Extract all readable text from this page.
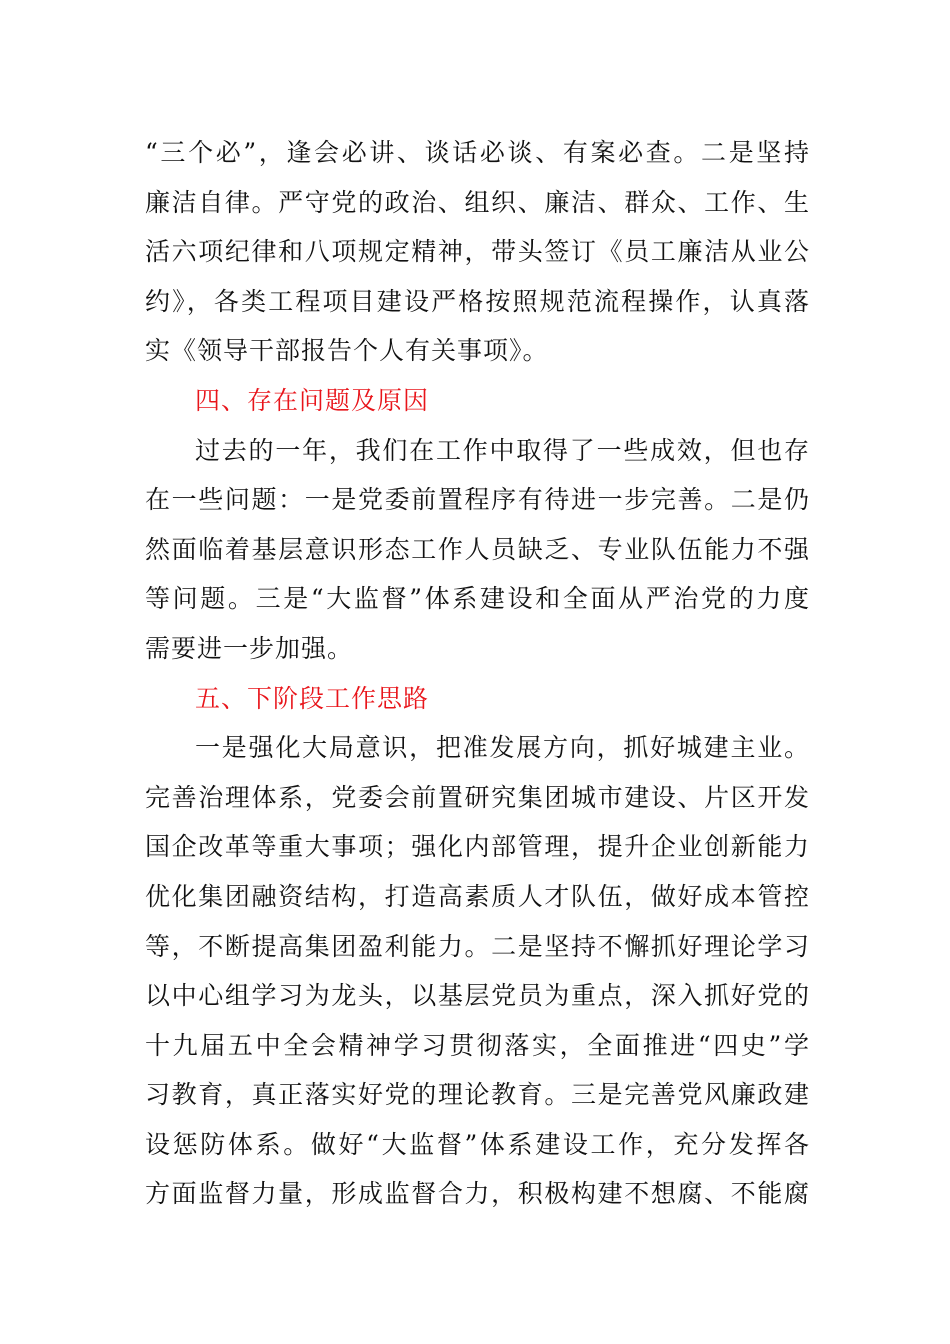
“三个必”，逢会必讲、谈话必谈、有案必查。二是坚持
廉洁自律。严守党的政治、组织、廉洁、群众、工作、生
活六项纪律和八项规定精神，带头签订《员工廉洁从业公
约》，各类工程项目建设严格按照规范流程操作，认真落
实《领导干部报告个人有关事项》。
四、存在问题及原因
过去的一年，我们在工作中取得了一些成效，但也存
在一些问题：一是党委前置程序有待进一步完善。二是仍
然面临着基层意识形态工作人员缺乏、专业队伍能力不强
等问题。三是“大监督”体系建设和全面从严治党的力度
需要进一步加强。
五、下阶段工作思路
一是强化大局意识，把准发展方向，抓好城建主业。
完善治理体系，党委会前置研究集团城市建设、片区开发
国企改革等重大事项；强化内部管理，提升企业创新能力
优化集团融资结构，打造高素质人才队伍，做好成本管控
等，不断提高集团盈利能力。二是坚持不懈抓好理论学习
以中心组学习为龙头，以基层党员为重点，深入抓好党的
十九届五中全会精神学习贯彻落实，全面推进“四史”学
习教育，真正落实好党的理论教育。三是完善党风廉政建
设惩防体系。做好“大监督”体系建设工作，充分发挥各
方面监督力量，形成监督合力，积极构建不想腐、不能腐
